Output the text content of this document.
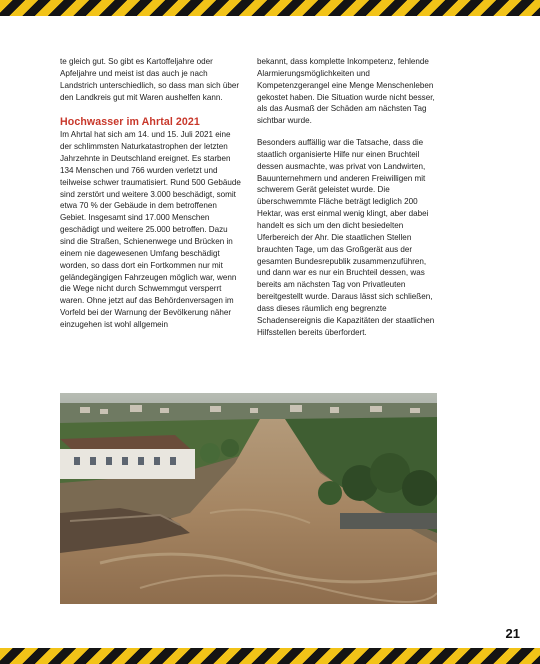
te gleich gut. So gibt es Kartoffeljahre oder Apfeljahre und meist ist das auch je nach Landstrich unterschiedlich, so dass man sich über den Landkreis gut mit Waren aushelfen kann.

Hochwasser im Ahrtal 2021

Im Ahrtal hat sich am 14. und 15. Juli 2021 eine der schlimmsten Naturkatastrophen der letzten Jahrzehnte in Deutschland ereignet. Es starben 134 Menschen und 766 wurden verletzt und teilweise schwer traumatisiert. Rund 500 Gebäude sind zerstört und weitere 3.000 beschädigt, somit etwa 70 % der Gebäude in dem betroffenen Gebiet. Insgesamt sind 17.000 Menschen geschädigt und weitere 25.000 betroffen. Dazu sind die Straßen, Schienenwege und Brücken in einem nie dagewesenen Umfang beschädigt worden, so dass dort ein Fortkommen nur mit geländegängigen Fahrzeugen möglich war, wenn die Wege nicht durch Schwemmgut versperrt waren. Ohne jetzt auf das Behördenversagen im Vorfeld bei der Warnung der Bevölkerung näher einzugehen ist wohl allgemein

bekannt, dass komplette Inkompetenz, fehlende Alarmierungsmöglichkeiten und Kompetenzgerangel eine Menge Menschenleben gekostet haben. Die Situation wurde nicht besser, als das Ausmaß der Schäden am nächsten Tag sichtbar wurde.

Besonders auffällig war die Tatsache, dass die staatlich organisierte Hilfe nur einen Bruchteil dessen ausmachte, was privat von Landwirten, Bauunternehmern und anderen Freiwilligen mit schwerem Gerät geleistet wurde. Die überschwemmte Fläche beträgt lediglich 200 Hektar, was erst einmal wenig klingt, aber dabei handelt es sich um den dicht besiedelten Uferbereich der Ahr. Die staatlichen Stellen brauchten Tage, um das Großgerät aus der gesamten Bundesrepublik zusammenzuführen, und dann war es nur ein Bruchteil dessen, was bereits am nächsten Tag von Privatleuten bereitgestellt wurde. Daraus lässt sich schließen, dass dieses räumlich eng begrenzte Schadensereignis die Kapazitäten der staatlichen Hilfsstellen bereits überfordert.

21
